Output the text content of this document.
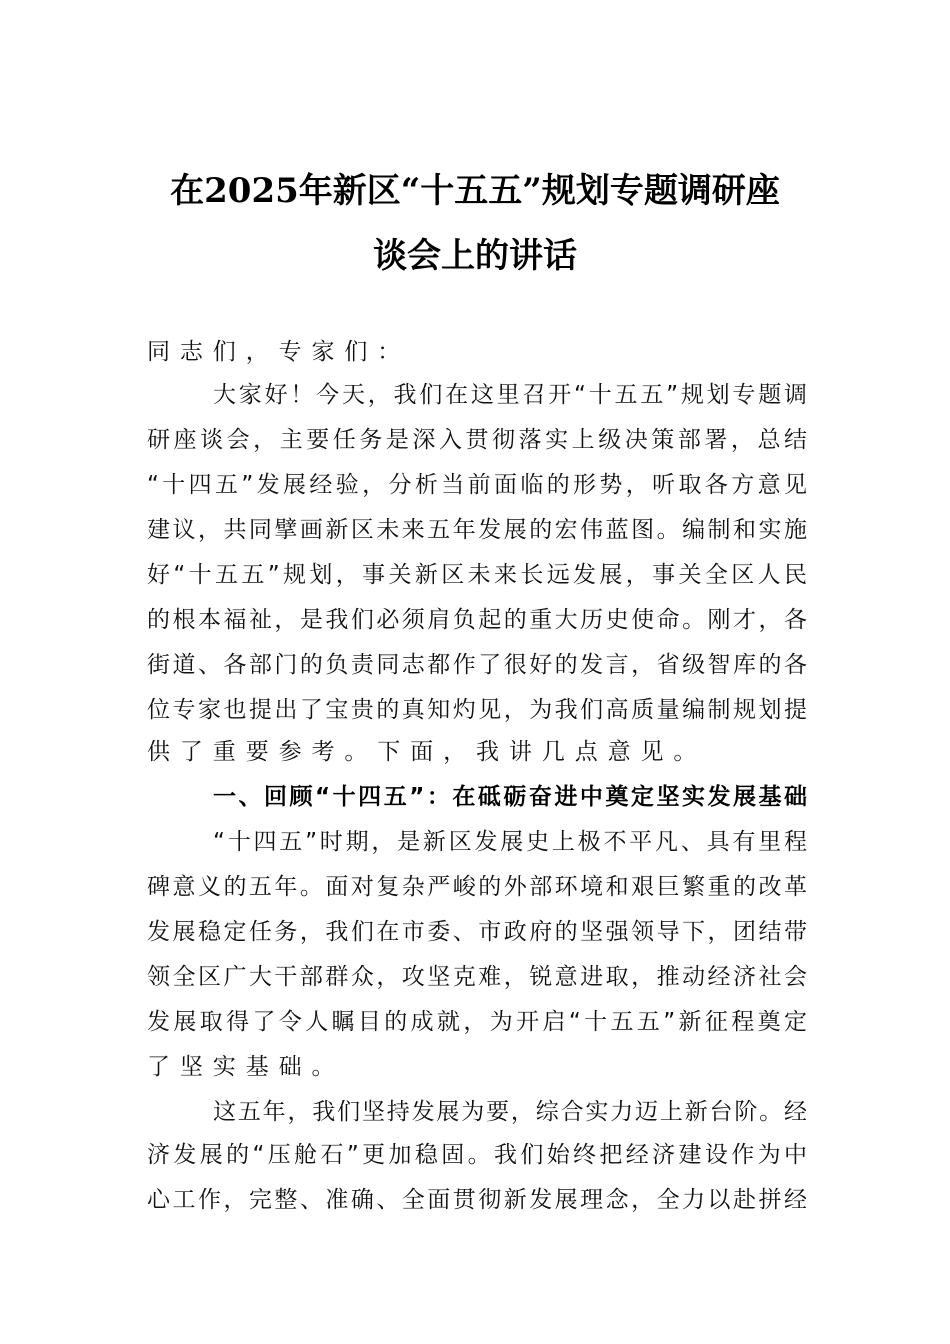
在2025年新区“十五五”规划专题调研座
谈会上的讲话
同志们，专家们：
大家好！今天，我们在这里召开“十五五”规划专题调
研座谈会，主要任务是深入贯彻落实上级决策部署，总结
“十四五”发展经验，分析当前面临的形势，听取各方意见
建议，共同擘画新区未来五年发展的宏伟蓝图。编制和实施
好“十五五”规划，事关新区未来长远发展，事关全区人民
的根本福祉，是我们必须肩负起的重大历史使命。刚才，各
街道、各部门的负责同志都作了很好的发言，省级智库的各
位专家也提出了宝贵的真知灼见，为我们高质量编制规划提
供了重要参考。下面，我讲几点意见。
一、回顾“十四五”：在砥砺奋进中奠定坚实发展基础
“十四五”时期，是新区发展史上极不平凡、具有里程
碑意义的五年。面对复杂严峻的外部环境和艰巨繁重的改革
发展稳定任务，我们在市委、市政府的坚强领导下，团结带
领全区广大干部群众，攻坚克难，锐意进取，推动经济社会
发展取得了令人瞩目的成就，为开启“十五五”新征程奠定
了坚实基础。
这五年，我们坚持发展为要，综合实力迈上新台阶。经
济发展的“压舱石”更加稳固。我们始终把经济建设作为中
心工作，完整、准确、全面贯彻新发展理念，全力以赴拼经
